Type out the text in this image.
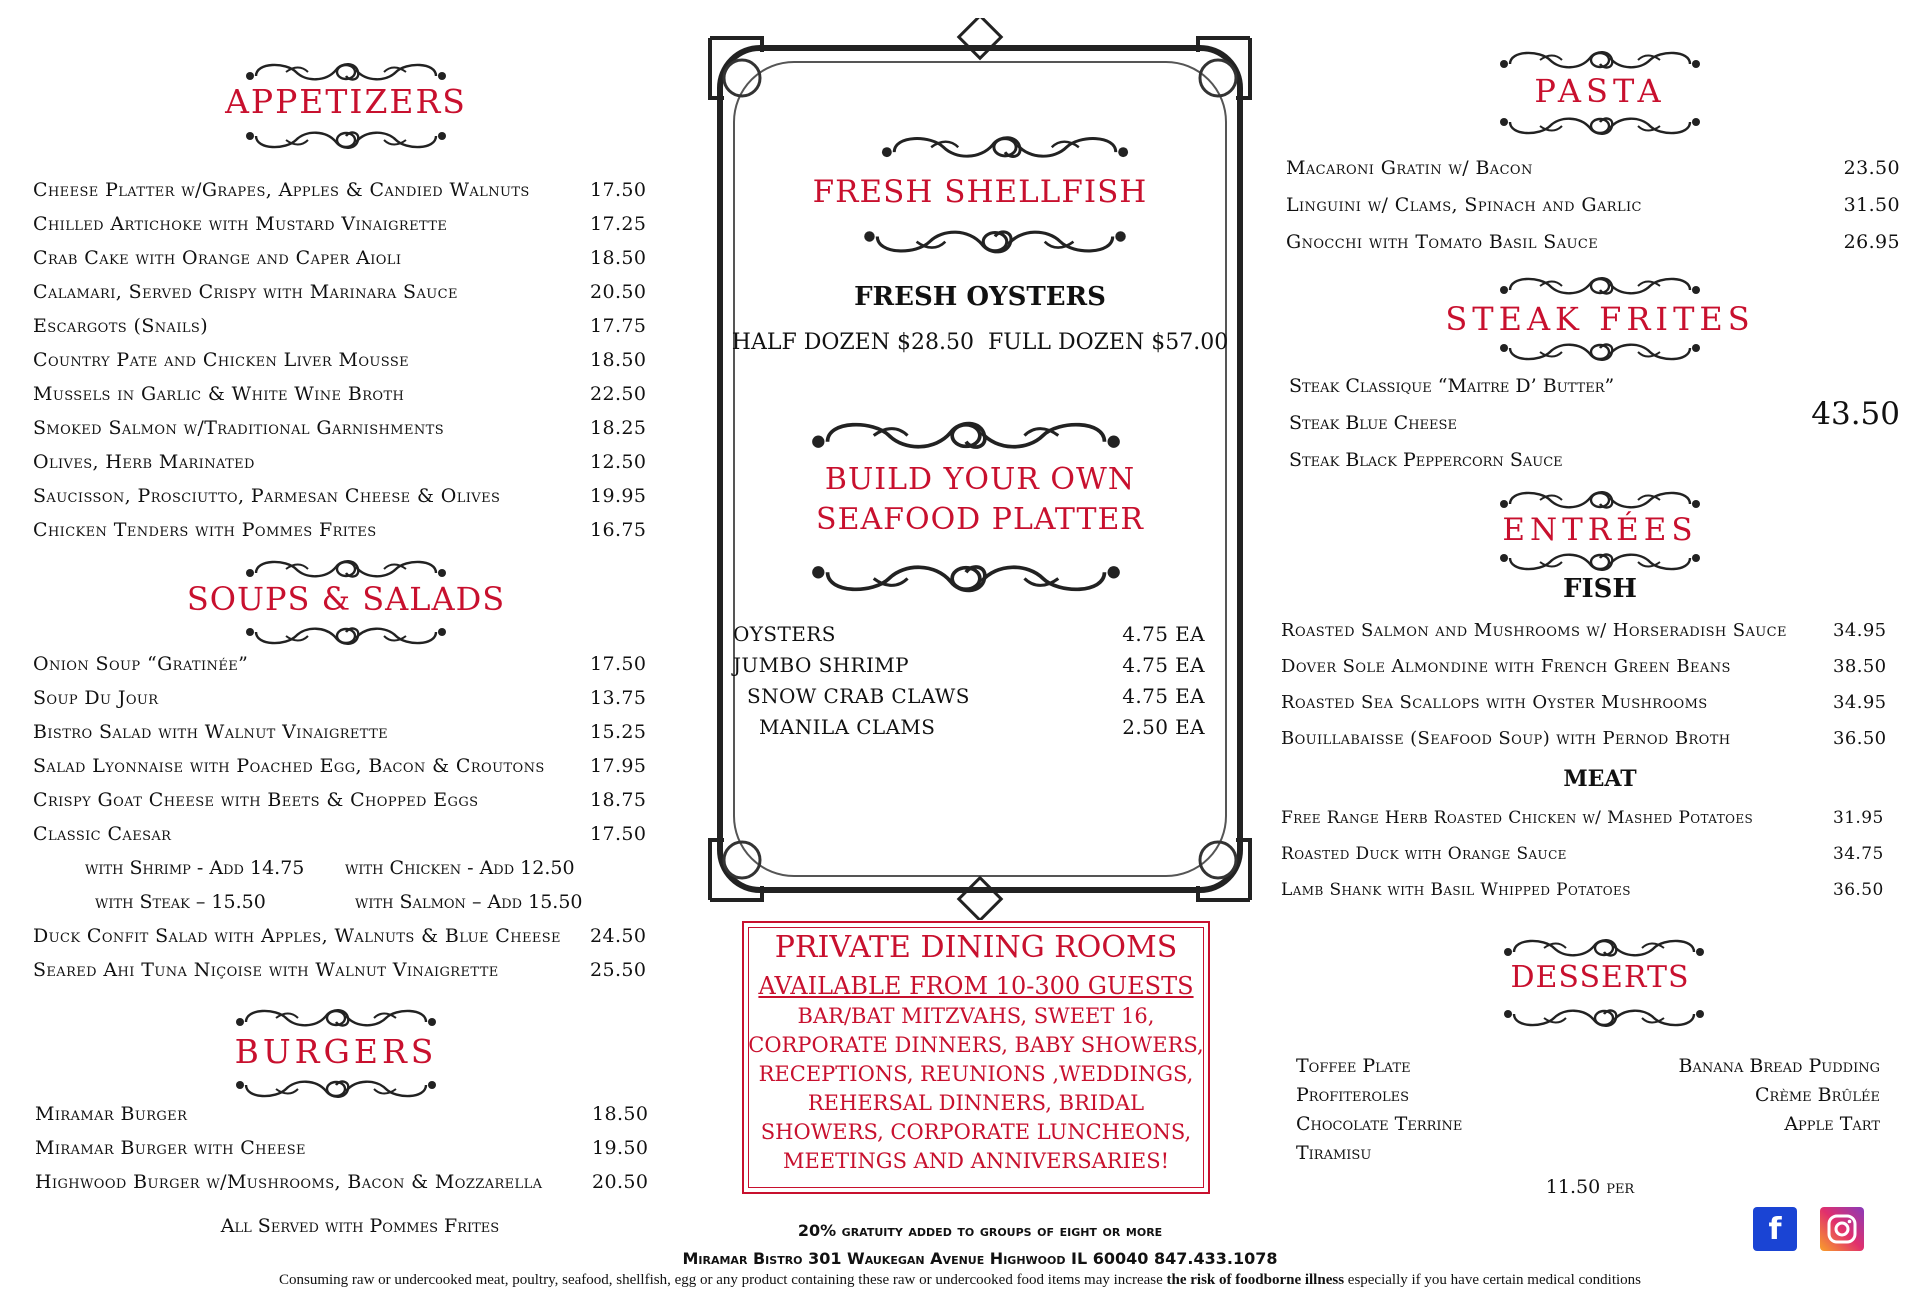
APPETIZERS
Cheese Platter w/Grapes, Apples & Candied Walnuts	17.50
Chilled Artichoke with Mustard Vinaigrette	17.25
Crab Cake with Orange and Caper Aioli	18.50
Calamari, Served Crispy with Marinara Sauce	20.50
Escargots (Snails)	17.75
Country Pate and Chicken Liver Mousse	18.50
Mussels in Garlic & White Wine Broth	22.50
Smoked Salmon w/Traditional Garnishments	18.25
Olives, Herb Marinated	12.50
Saucisson, Prosciutto, Parmesan Cheese & Olives	19.95
Chicken Tenders with Pommes Frites	16.75
SOUPS & SALADS
Onion Soup “Gratinée”	17.50
Soup Du Jour	13.75
Bistro Salad with Walnut Vinaigrette	15.25
Salad Lyonnaise with Poached Egg, Bacon & Croutons 17.95
Crispy Goat Cheese with Beets & Chopped Eggs	18.75
Classic Caesar	17.50
with Shrimp - Add 14.75	with Chicken - Add 12.50
with Steak – 15.50	with Salmon – Add 15.50
Duck Confit Salad with Apples, Walnuts & Blue Cheese 24.50
Seared Ahi Tuna Niçoise with Walnut Vinaigrette	25.50
BURGERS
Miramar Burger	18.50
Miramar Burger with Cheese	19.50
Highwood Burger w/Mushrooms, Bacon & Mozzarella	20.50
All Served with Pommes Frites
FRESH SHELLFISH
FRESH OYSTERS
HALF DOZEN $28.50  FULL DOZEN $57.00
BUILD YOUR OWN
SEAFOOD PLATTER
OYSTERS	4.75 EA
JUMBO SHRIMP	4.75 EA
SNOW CRAB CLAWS	4.75 EA
MANILA CLAMS	2.50 EA
PRIVATE DINING ROOMS
AVAILABLE FROM 10-300 GUESTS
BAR/BAT MITZVAHS, SWEET 16,
CORPORATE DINNERS, BABY SHOWERS,
RECEPTIONS, REUNIONS ,WEDDINGS,
REHERSAL DINNERS, BRIDAL
SHOWERS, CORPORATE LUNCHEONS,
MEETINGS AND ANNIVERSARIES!
PASTA
Macaroni Gratin w/ Bacon	23.50
Linguini w/ Clams, Spinach and Garlic	31.50
Gnocchi with Tomato Basil Sauce	26.95
STEAK FRITES
Steak Classique “Maitre D’ Butter”
Steak Blue Cheese
Steak Black Peppercorn Sauce
43.50
ENTRÉES
FISH
Roasted Salmon and Mushrooms w/ Horseradish Sauce	34.95
Dover Sole Almondine with French Green Beans	38.50
Roasted Sea Scallops with Oyster Mushrooms	34.95
Bouillabaisse (Seafood Soup) with Pernod Broth	36.50
MEAT
Free Range Herb Roasted Chicken w/ Mashed Potatoes	31.95
Roasted Duck with Orange Sauce	34.75
Lamb Shank with Basil Whipped Potatoes	36.50
DESSERTS
Toffee Plate
Profiteroles
Chocolate Terrine
Tiramisu
Banana Bread Pudding
Crème Brûlée
Apple Tart
11.50 per
f
20% gratuity added to groups of eight or more
Miramar Bistro 301 Waukegan Avenue Highwood IL 60040 847.433.1078
Consuming raw or undercooked meat, poultry, seafood, shellfish, egg or any product containing these raw or undercooked food items may increase the risk of foodborne illness especially if you have certain medical conditions
